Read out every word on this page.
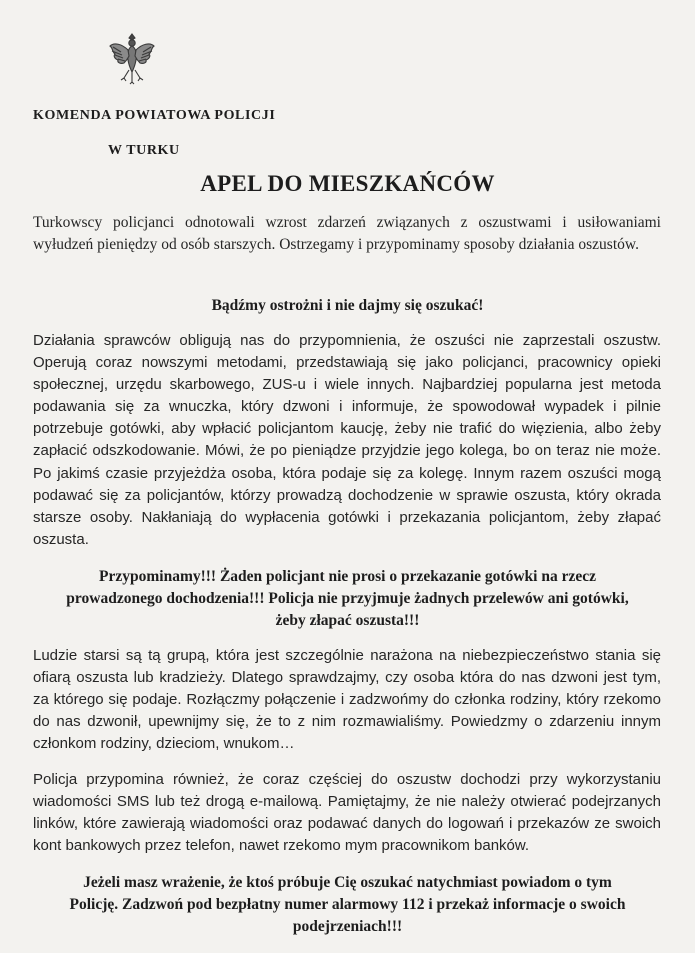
KOMENDA POWIATOWA POLICJI
W TURKU
APEL DO MIESZKAŃCÓW
Turkowscy policjanci odnotowali wzrost zdarzeń związanych z oszustwami i usiłowaniami wyłudzeń pieniędzy od osób starszych. Ostrzegamy i przypominamy sposoby działania oszustów.
Bądźmy ostrożni i nie dajmy się oszukać!
Działania sprawców obligują nas do przypomnienia, że oszuści nie zaprzestali oszustw. Operują coraz nowszymi metodami, przedstawiają się jako policjanci, pracownicy opieki społecznej, urzędu skarbowego, ZUS-u i wiele innych. Najbardziej popularna jest metoda podawania się za wnuczka, który dzwoni i informuje, że spowodował wypadek i pilnie potrzebuje gotówki, aby wpłacić policjantom kaucję, żeby nie trafić do więzienia, albo żeby zapłacić odszkodowanie. Mówi, że po pieniądze przyjdzie jego kolega, bo on teraz nie może. Po jakimś czasie przyjeżdża osoba, która podaje się za kolegę. Innym razem oszuści mogą podawać się za policjantów, którzy prowadzą dochodzenie w sprawie oszusta, który okrada starsze osoby. Nakłaniają do wypłacenia gotówki i przekazania policjantom, żeby złapać oszusta.
Przypominamy!!! Żaden policjant nie prosi o przekazanie gotówki na rzecz prowadzonego dochodzenia!!! Policja nie przyjmuje żadnych przelewów ani gotówki, żeby złapać oszusta!!!
Ludzie starsi są tą grupą, która jest szczególnie narażona na niebezpieczeństwo stania się ofiarą oszusta lub kradzieży. Dlatego sprawdzajmy, czy osoba która do nas dzwoni jest tym, za którego się podaje. Rozłączmy połączenie i zadzwońmy do członka rodziny, który rzekomo do nas dzwonił, upewnijmy się, że to z nim rozmawialiśmy. Powiedzmy o zdarzeniu innym członkom rodziny, dzieciom, wnukom…
Policja przypomina również, że coraz częściej do oszustw dochodzi przy wykorzystaniu wiadomości SMS lub też drogą e-mailową. Pamiętajmy, że nie należy otwierać podejrzanych linków, które zawierają wiadomości oraz podawać danych do logowań i przekazów ze swoich kont bankowych przez telefon, nawet rzekomo mym pracownikom banków.
Jeżeli masz wrażenie, że ktoś próbuje Cię oszukać natychmiast powiadom o tym Policję. Zadzwoń pod bezpłatny numer alarmowy 112 i przekaż informacje o swoich podejrzeniach!!!
